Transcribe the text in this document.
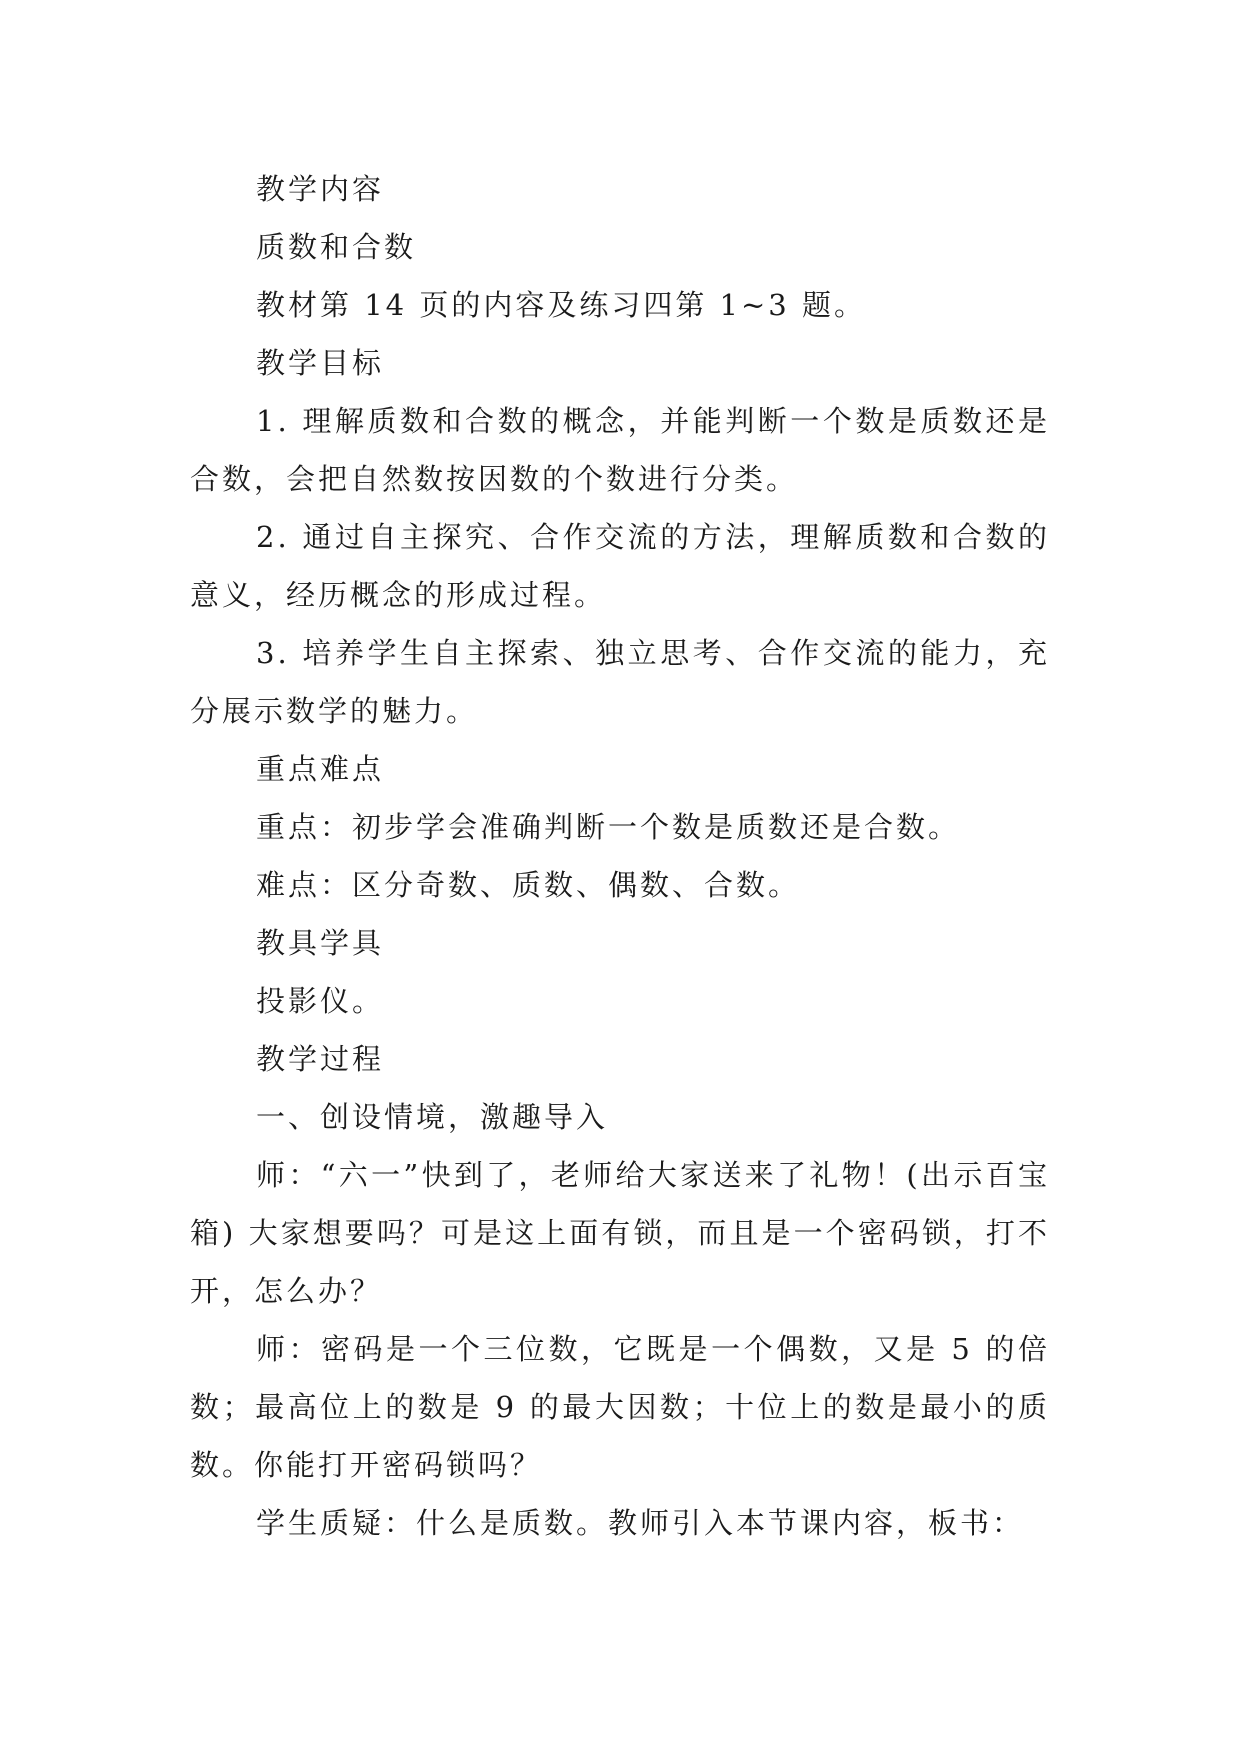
教学内容

质数和合数

教材第 14 页的内容及练习四第 1~3 题。

教学目标

1. 理解质数和合数的概念，并能判断一个数是质数还是合数，会把自然数按因数的个数进行分类。

2. 通过自主探究、合作交流的方法，理解质数和合数的意义，经历概念的形成过程。

3. 培养学生自主探索、独立思考、合作交流的能力，充分展示数学的魅力。

重点难点

重点：初步学会准确判断一个数是质数还是合数。

难点：区分奇数、质数、偶数、合数。

教具学具

投影仪。

教学过程

一、创设情境，激趣导入

师：“六一”快到了，老师给大家送来了礼物！(出示百宝箱) 大家想要吗？可是这上面有锁，而且是一个密码锁，打不开，怎么办？

师：密码是一个三位数，它既是一个偶数，又是 5 的倍数；最高位上的数是 9 的最大因数；十位上的数是最小的质数。你能打开密码锁吗？

学生质疑：什么是质数。教师引入本节课内容，板书：
